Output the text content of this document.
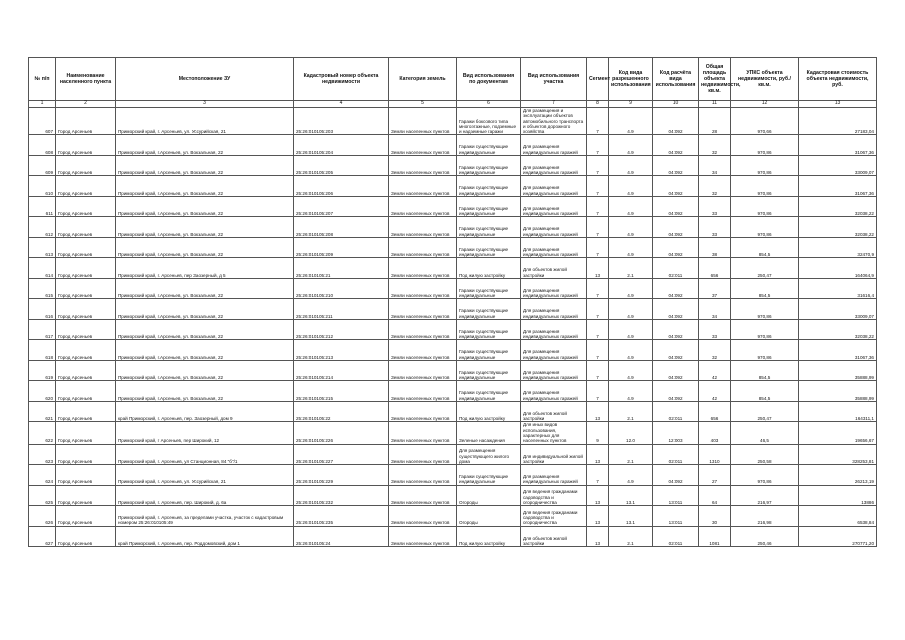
№ п/п	Наименование населенного пункта	Местоположение ЗУ	Кадастровый номер объекта недвижимости	Категория земель	Вид использования по документам	Вид использования участка	Сегмент	Код вида разрешенного использования	Код расчёта вида использования	Общая площадь объекта недвижимости, кв.м.	УПКС объекта недвижимости, руб./кв.м.	Кадастровая стоимость объекта недвижимости, руб.
1	2	3	4	5	6	7	8	9	10	11	12	13
607	Город Арсеньев	Приморский край, г. Арсеньев, ул. Уссурийская, 21	25:26:010105:203	Земли населенных пунктов	Гаражи боксового типа многоэтажные, подземные и надземные гаражи	Для размещения и эксплуатации объектов автомобильного транспорта и объектов дорожного хозяйства	7	4.9	04:092	28	970,66	27183,04
608	Город Арсеньев	Приморский край, г.Арсеньев, ул. Вокзальная, 22	25:26:010105:204	Земли населенных пунктов	Гаражи существующие индивидуальные	Для размещения индивидуальных гаражей	7	4.9	04:092	32	970,86	31067,36
609	Город Арсеньев	Приморский край, г.Арсеньев, ул. Вокзальная, 22	25:26:010105:205	Земли населенных пунктов	Гаражи существующие индивидуальные	Для размещения индивидуальных гаражей	7	4.9	04:092	34	970,86	33009,07
610	Город Арсеньев	Приморский край, г.Арсеньев, ул. Вокзальная, 22	25:26:010105:206	Земли населенных пунктов	Гаражи существующие индивидуальные	Для размещения индивидуальных гаражей	7	4.9	04:092	32	970,86	31067,36
611	Город Арсеньев	Приморский край, г.Арсеньев, ул. Вокзальная, 22	25:26:010105:207	Земли населенных пунктов	Гаражи существующие индивидуальные	Для размещения индивидуальных гаражей	7	4.9	04:092	33	970,86	32038,22
612	Город Арсеньев	Приморский край, г.Арсеньев, ул. Вокзальная, 22	25:26:010105:208	Земли населенных пунктов	Гаражи существующие индивидуальные	Для размещения индивидуальных гаражей	7	4.9	04:092	33	970,86	32038,22
613	Город Арсеньев	Приморский край, г.Арсеньев, ул. Вокзальная, 22	25:26:010105:209	Земли населенных пунктов	Гаражи существующие индивидуальные	Для размещения индивидуальных гаражей	7	4.9	04:092	38	854,5	32470,9
614	Город Арсеньев	Приморский край, г. Арсеньев, пер Заозерный, д 5	25:26:010105:21	Земли населенных пунктов	Под жилую застройку	Для объектов жилой застройки	13	2.1	02:011	656	250,47	164064,9
615	Город Арсеньев	Приморский край, г.Арсеньев, ул. Вокзальная, 22	25:26:010105:210	Земли населенных пунктов	Гаражи существующие индивидуальные	Для размещения индивидуальных гаражей	7	4.9	04:092	37	854,5	31616,4
616	Город Арсеньев	Приморский край, г.Арсеньев, ул. Вокзальная, 22	25:26:010105:211	Земли населенных пунктов	Гаражи существующие индивидуальные	Для размещения индивидуальных гаражей	7	4.9	04:092	34	970,86	33009,07
617	Город Арсеньев	Приморский край, г.Арсеньев, ул. Вокзальная, 22	25:26:010105:212	Земли населенных пунктов	Гаражи существующие индивидуальные	Для размещения индивидуальных гаражей	7	4.9	04:092	33	970,86	32038,22
618	Город Арсеньев	Приморский край, г.Арсеньев, ул. Вокзальная, 22	25:26:010105:213	Земли населенных пунктов	Гаражи существующие индивидуальные	Для размещения индивидуальных гаражей	7	4.9	04:092	32	970,86	31067,36
619	Город Арсеньев	Приморский край, г.Арсеньев, ул. Вокзальная, 22	25:26:010105:214	Земли населенных пунктов	Гаражи существующие индивидуальные	Для размещения индивидуальных гаражей	7	4.9	04:092	42	854,5	35888,99
620	Город Арсеньев	Приморский край, г.Арсеньев, ул. Вокзальная, 22	25:26:010105:215	Земли населенных пунктов	Гаражи существующие индивидуальные	Для размещения индивидуальных гаражей	7	4.9	04:092	42	854,5	35888,99
621	Город Арсеньев	край Приморский, г. Арсеньев, пер. Заозерный, дом 9	25:26:010105:22	Земли населенных пунктов	Под жилую застройку	Для объектов жилой застройки	13	2.1	02:011	656	250,47	164311,1
622	Город Арсеньев	Приморский край, г Арсеньев, пер Широкий, 12	25:26:010105:226	Земли населенных пунктов	Зеленые насаждения	Для иных видов использования, характерных для населенных пунктов	9	12.0	12:003	403	46,5	19656,67
623	Город Арсеньев	Приморский край, г. Арсеньев, ул Станционная, 84 "б"/1	25:26:010105:227	Земли населенных пунктов	Для размещения существующего жилого дома	Для индивидуальной жилой застройки	13	2.1	02:011	1310	250,58	328253,81
624	Город Арсеньев	Приморский край, г. Арсеньев, ул. Уссурийская, 21	25:26:010105:229	Земли населенных пунктов	Гаражи существующие индивидуальные	Для размещения индивидуальных гаражей	7	4.9	04:092	27	970,86	26213,19
625	Город Арсеньев	Приморский край, г. Арсеньев, пер. Широкий, д. 6а	25:26:010105:232	Земли населенных пунктов	Огороды	Для ведения гражданами садоводства и огородничества	13	13.1	13:011	64	216,97	13886
626	Город Арсеньев	Приморский край, г. Арсеньев, за пределами участка, участок с кадастровым номером 25:26:010105:49	25:26:010105:235	Земли населенных пунктов	Огороды	Для ведения гражданами садоводства и огородничества	13	13.1	13:011	30	216,98	6538,84
627	Город Арсеньев	край Приморский, г. Арсеньев, пер. Роддомовский, дом 1	25:26:010105:24	Земли населенных пунктов	Под жилую застройку	Для объектов жилой застройки	13	2.1	02:011	1081	250,46	270771,20
